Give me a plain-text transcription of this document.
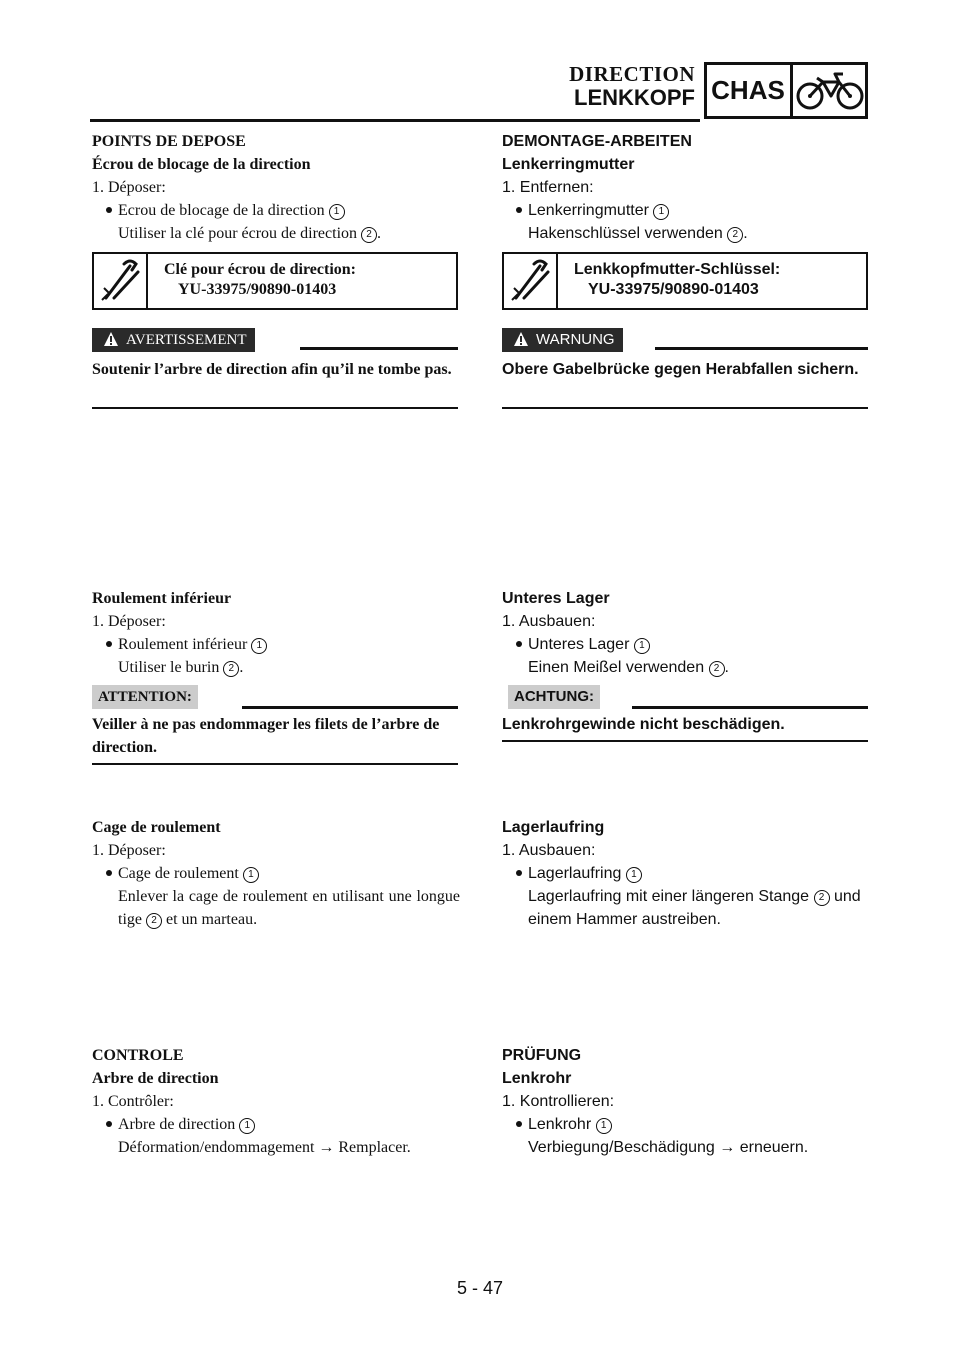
DIRECTION
LENKKOPF CHAS
POINTS DE DEPOSE
Écrou de blocage de la direction
1. Déposer:
Ecrou de blocage de la direction 1
Utiliser la clé pour écrou de direction 2 .
Clé pour écrou de direction:
YU-33975/90890-01403
AVERTISSEMENT
Soutenir l’arbre de direction afin qu’il ne tombe pas.
Roulement inférieur
1. Déposer:
Roulement inférieur 1
Utiliser le burin 2 .
ATTENTION:
Veiller à ne pas endommager les filets de l’arbre de direction.
Cage de roulement
1. Déposer:
Cage de roulement 1
Enlever la cage de roulement en utilisant une longue tige 2 et un marteau.
CONTROLE
Arbre de direction
1. Contrôler:
Arbre de direction 1
Déformation/endommagement → Remplacer.
DEMONTAGE-ARBEITEN
Lenkerringmutter
1. Entfernen:
Lenkerringmutter 1
Hakenschlüssel verwenden 2 .
Lenkkopfmutter-Schlüssel:
YU-33975/90890-01403
WARNUNG
Obere Gabelbrücke gegen Herabfallen sichern.
Unteres Lager
1. Ausbauen:
Unteres Lager 1
Einen Meißel verwenden 2 .
ACHTUNG:
Lenkrohrgewinde nicht beschädigen.
Lagerlaufring
1. Ausbauen:
Lagerlaufring 1
Lagerlaufring mit einer längeren Stange 2 und einem Hammer austreiben.
PRÜFUNG
Lenkrohr
1. Kontrollieren:
Lenkrohr 1
Verbiegung/Beschädigung → erneuern.
5 - 47
